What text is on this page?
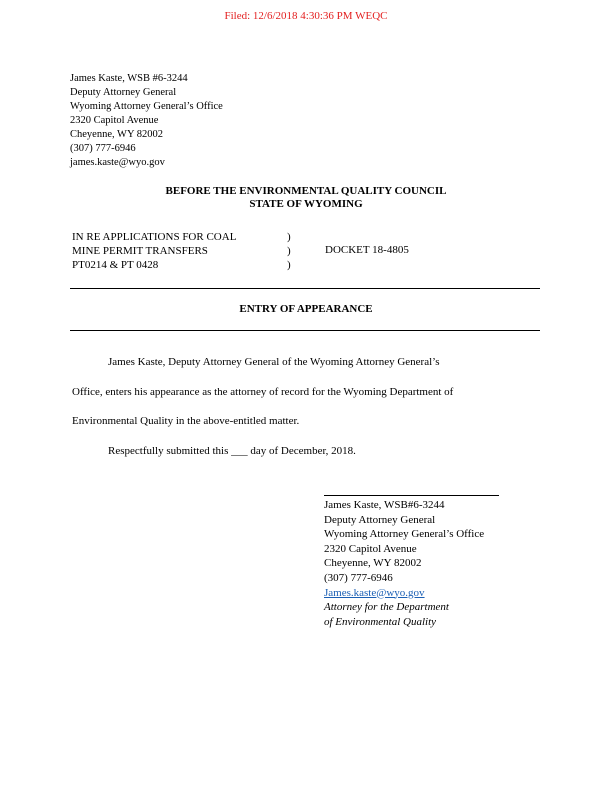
Filed: 12/6/2018 4:30:36 PM WEQC
James Kaste, WSB #6-3244
Deputy Attorney General
Wyoming Attorney General’s Office
2320 Capitol Avenue
Cheyenne, WY 82002
(307) 777-6946
james.kaste@wyo.gov
BEFORE THE ENVIRONMENTAL QUALITY COUNCIL
STATE OF WYOMING
IN RE APPLICATIONS FOR COAL
MINE PERMIT TRANSFERS
PT0214 & PT 0428
)
)
)
DOCKET 18-4805
ENTRY OF APPEARANCE
James Kaste, Deputy Attorney General of the Wyoming Attorney General’s
Office, enters his appearance as the attorney of record for the Wyoming Department of
Environmental Quality in the above-entitled matter.
Respectfully submitted this ___ day of December, 2018.
James Kaste, WSB#6-3244
Deputy Attorney General
Wyoming Attorney General’s Office
2320 Capitol Avenue
Cheyenne, WY 82002
(307) 777-6946
James.kaste@wyo.gov
Attorney for the Department
of Environmental Quality
